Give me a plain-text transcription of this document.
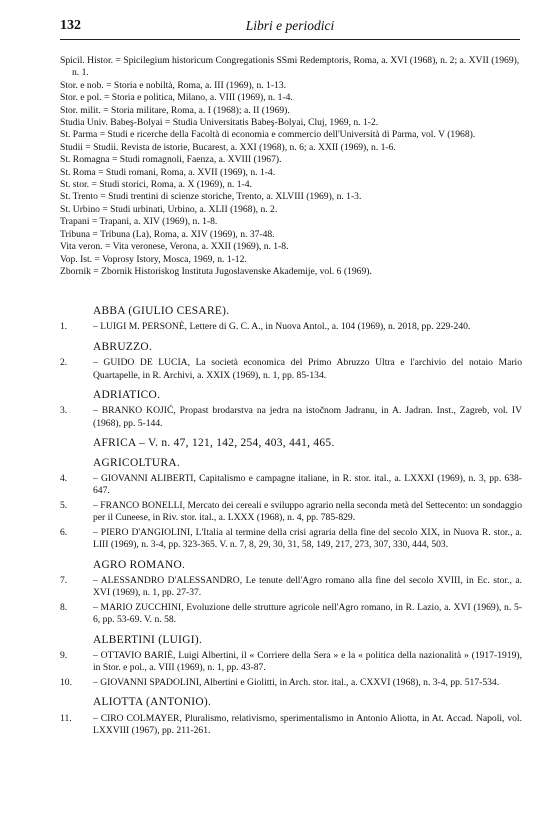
132	Libri e periodici
Spicil. Histor. = Spicilegium historicum Congregationis SSmi Redemptoris, Roma, a. XVI (1968), n. 2; a. XVII (1969), n. 1.
Stor. e nob. = Storia e nobiltà, Roma, a. III (1969), n. 1-13.
Stor. e pol. = Storia e politica, Milano, a. VIII (1969), n. 1-4.
Stor. milit. = Storia militare, Roma, a. I (1968); a. II (1969).
Studia Univ. Babeş-Bolyai = Studia Universitatis Babeş-Bolyai, Cluj, 1969, n. 1-2.
St. Parma = Studi e ricerche della Facoltà di economia e commercio dell'Università di Parma, vol. V (1968).
Studii = Studii. Revista de istorie, Bucarest, a. XXI (1968), n. 6; a. XXII (1969), n. 1-6.
St. Romagna = Studi romagnoli, Faenza, a. XVIII (1967).
St. Roma = Studi romani, Roma, a. XVII (1969), n. 1-4.
St. stor. = Studi storici, Roma, a. X (1969), n. 1-4.
St. Trento = Studi trentini di scienze storiche, Trento, a. XLVIII (1969), n. 1-3.
St. Urbino = Studi urbinati, Urbino, a. XLII (1968), n. 2.
Trapani = Trapani, a. XIV (1969), n. 1-8.
Tribuna = Tribuna (La), Roma, a. XIV (1969), n. 37-48.
Vita veron. = Vita veronese, Verona, a. XXII (1969), n. 1-8.
Vop. Ist. = Voprosy Istory, Mosca, 1969, n. 1-12.
Zbornik = Zbornik Historiskog Instituta Jugoslavenske Akademije, vol. 6 (1969).
ABBA (GIULIO CESARE).
1.	– LUIGI M. PERSONÈ, Lettere di G. C. A., in Nuova Antol., a. 104 (1969), n. 2018, pp. 229-240.
ABRUZZO.
2.	– GUIDO DE LUCIA, La società economica del Primo Abruzzo Ultra e l'archivio del notaio Mario Quartapelle, in R. Archivi, a. XXIX (1969), n. 1, pp. 85-134.
ADRIATICO.
3.	– BRANKO KOJIĆ, Propast brodarstva na jedra na istočnom Jadranu, in A. Jadran. Inst., Zagreb, vol. IV (1968), pp. 5-144.
AFRICA – V. n. 47, 121, 142, 254, 403, 441, 465.
AGRICOLTURA.
4.	– GIOVANNI ALIBERTI, Capitalismo e campagne italiane, in R. stor. ital., a. LXXXI (1969), n. 3, pp. 638-647.
5.	– FRANCO BONELLI, Mercato dei cereali e sviluppo agrario nella seconda metà del Settecento: un sondaggio per il Cuneese, in Riv. stor. ital., a. LXXX (1968), n. 4, pp. 785-829.
6.	– PIERO D'ANGIOLINI, L'Italia al termine della crisi agraria della fine del secolo XIX, in Nuova R. stor., a. LIII (1969), n. 3-4, pp. 323-365. V. n. 7, 8, 29, 30, 31, 58, 149, 217, 273, 307, 330, 444, 503.
AGRO ROMANO.
7.	– ALESSANDRO D'ALESSANDRO, Le tenute dell'Agro romano alla fine del secolo XVIII, in Ec. stor., a. XVI (1969), n. 1, pp. 27-37.
8.	– MARIO ZUCCHINI, Evoluzione delle strutture agricole nell'Agro romano, in R. Lazio, a. XVI (1969), n. 5-6, pp. 53-69. V. n. 58.
ALBERTINI (LUIGI).
9.	– OTTAVIO BARIÈ, Luigi Albertini, il « Corriere della Sera » e la « politica della nazionalità » (1917-1919), in Stor. e pol., a. VIII (1969), n. 1, pp. 43-87.
10.	– GIOVANNI SPADOLINI, Albertini e Giolitti, in Arch. stor. ital., a. CXXVI (1968), n. 3-4, pp. 517-534.
ALIOTTA (ANTONIO).
11.	– CIRO COLMAYER, Pluralismo, relativismo, sperimentalismo in Antonio Aliotta, in At. Accad. Napoli, vol. LXXVIII (1967), pp. 211-261.
